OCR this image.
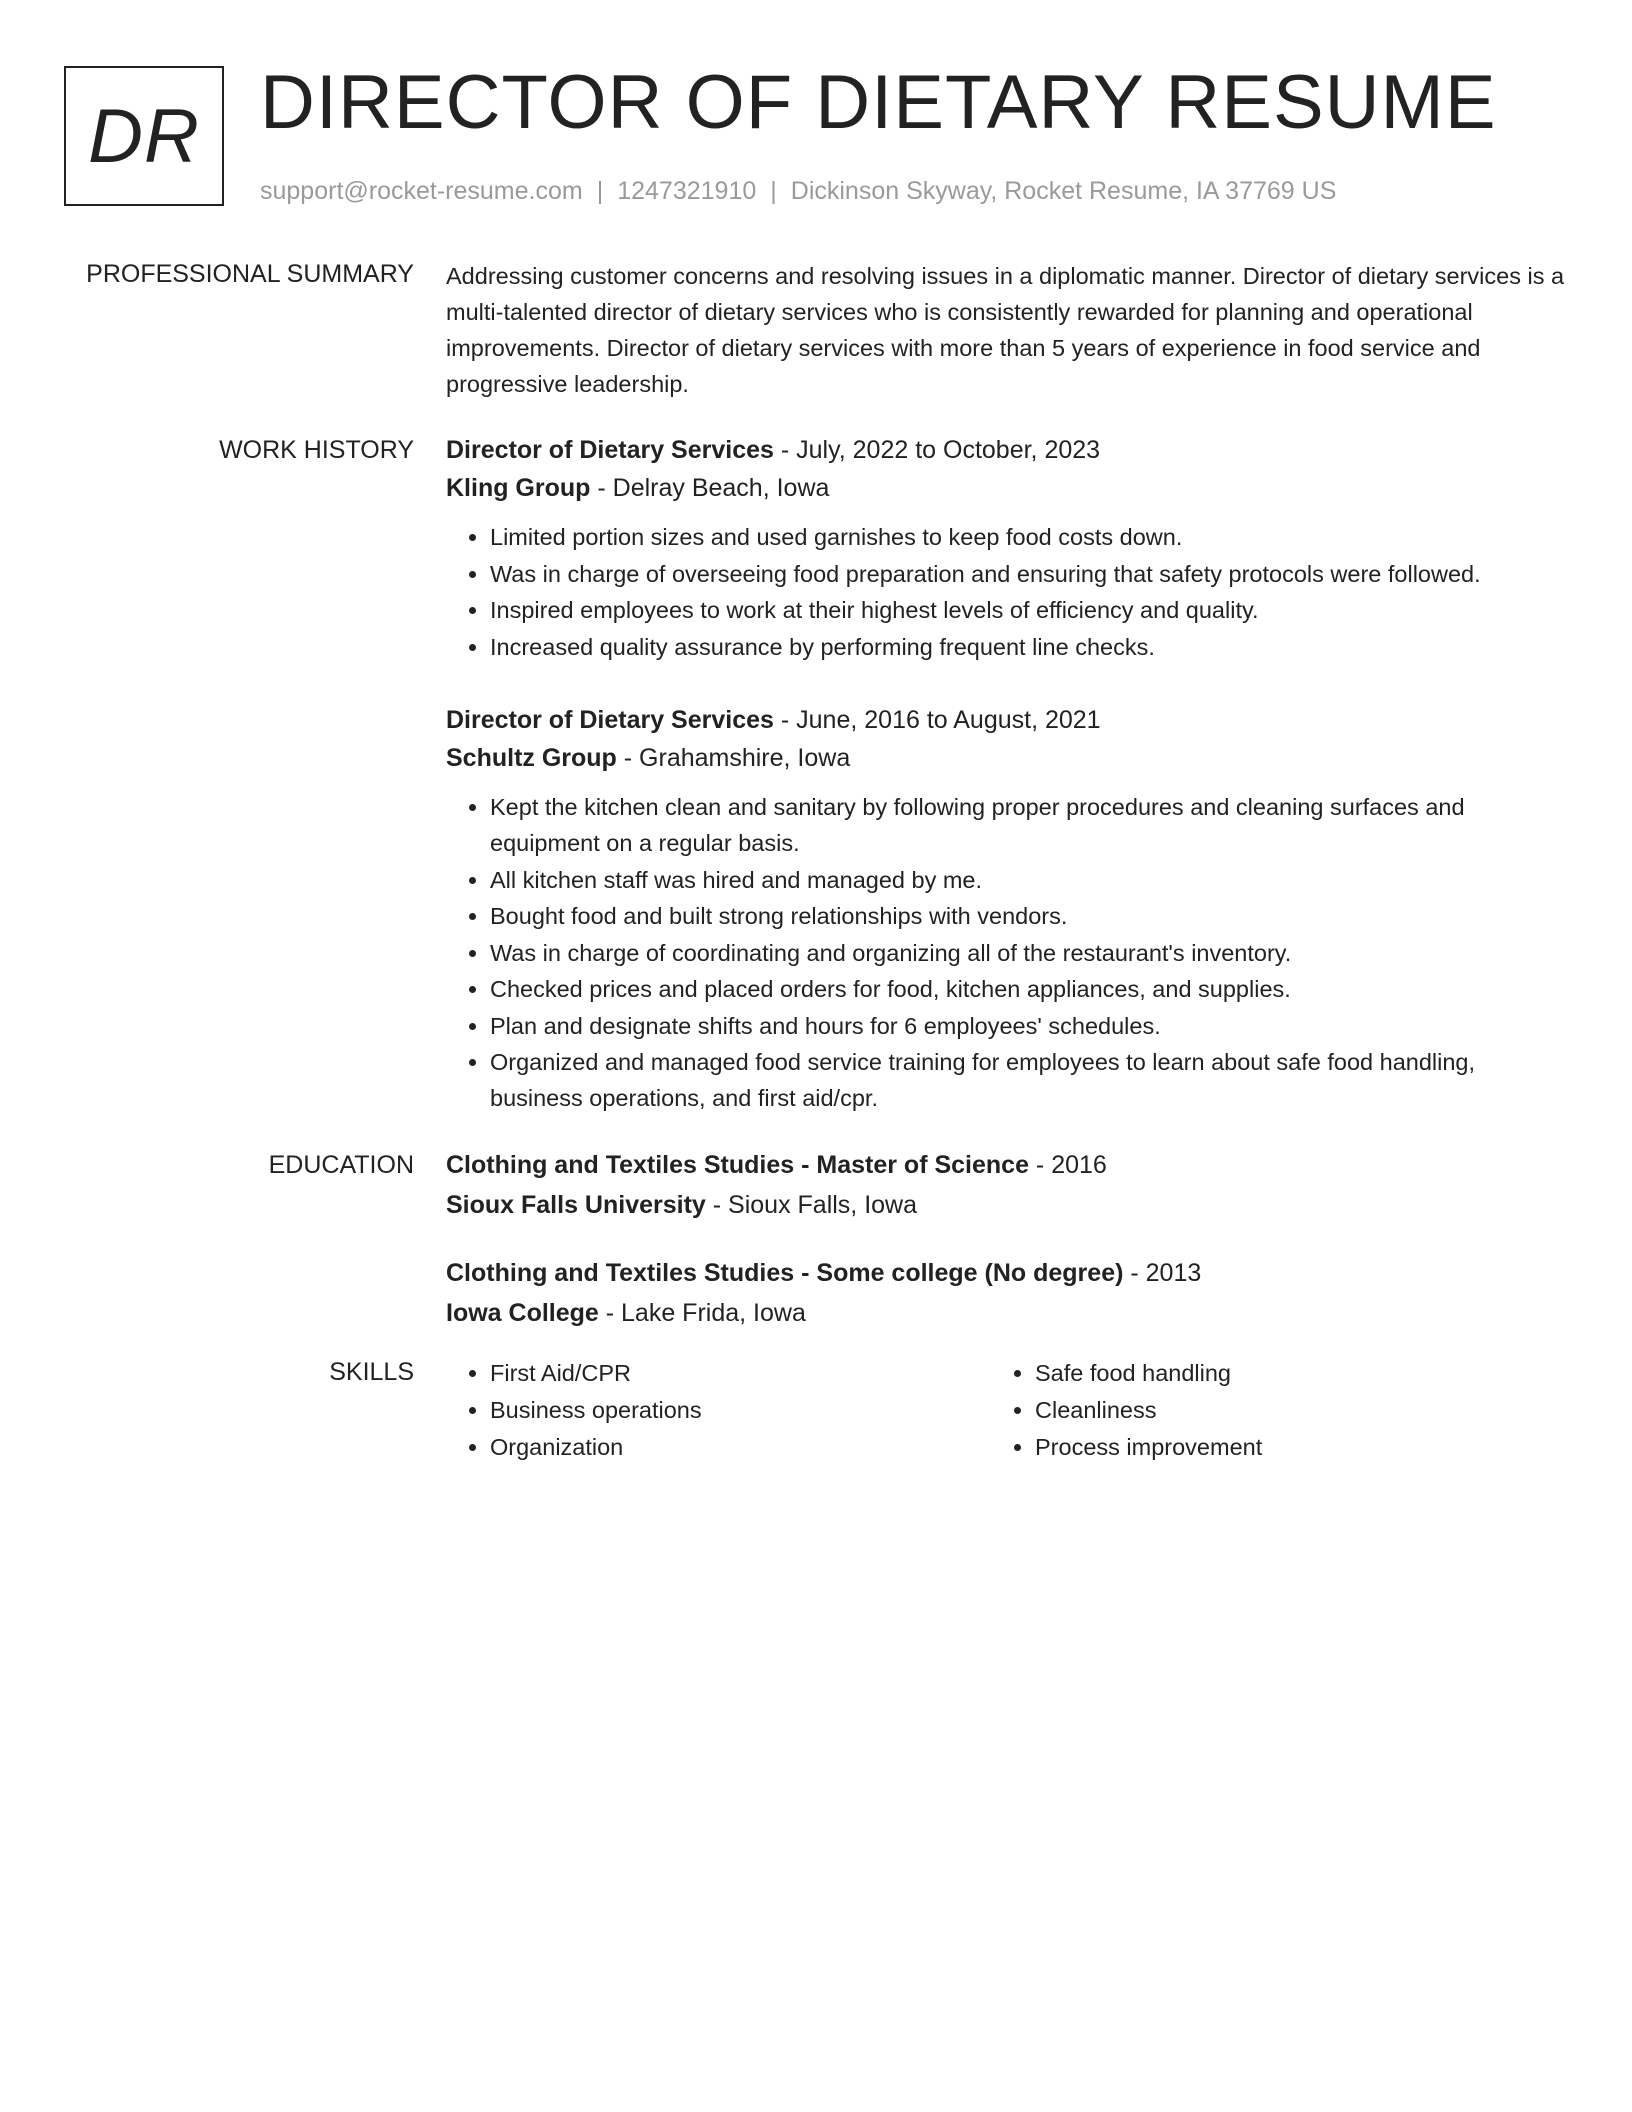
DR DIRECTOR OF DIETARY RESUME
support@rocket-resume.com | 1247321910 | Dickinson Skyway, Rocket Resume, IA 37769 US
PROFESSIONAL SUMMARY Addressing customer concerns and resolving issues in a diplomatic manner. Director of dietary services is a multi-talented director of dietary services who is consistently rewarded for planning and operational improvements. Director of dietary services with more than 5 years of experience in food service and progressive leadership.

WORK HISTORY Director of Dietary Services - July, 2022 to October, 2023

Kling Group - Delray Beach, Iowa

• Limited portion sizes and used garnishes to keep food costs down.
• Was in charge of overseeing food preparation and ensuring that safety protocols were followed.
• Inspired employees to work at their highest levels of efficiency and quality.
• Increased quality assurance by performing frequent line checks.

Director of Dietary Services - June, 2016 to August, 2021

Schultz Group - Grahamshire, Iowa

• Kept the kitchen clean and sanitary by following proper procedures and cleaning surfaces and equipment on a regular basis.
• All kitchen staff was hired and managed by me.
• Bought food and built strong relationships with vendors.
• Was in charge of coordinating and organizing all of the restaurant's inventory.
• Checked prices and placed orders for food, kitchen appliances, and supplies.
• Plan and designate shifts and hours for 6 employees' schedules.
• Organized and managed food service training for employees to learn about safe food handling, business operations, and first aid/cpr.
EDUCATION Clothing and Textiles Studies - Master of Science - 2016

Sioux Falls University - Sioux Falls, Iowa

Clothing and Textiles Studies - Some college (No degree) - 2013

Iowa College - Lake Frida, Iowa

SKILLS
•	First Aid/CPR
• Business operations
• Organization
• Safe food handling
• Cleanliness
• Process improvement
